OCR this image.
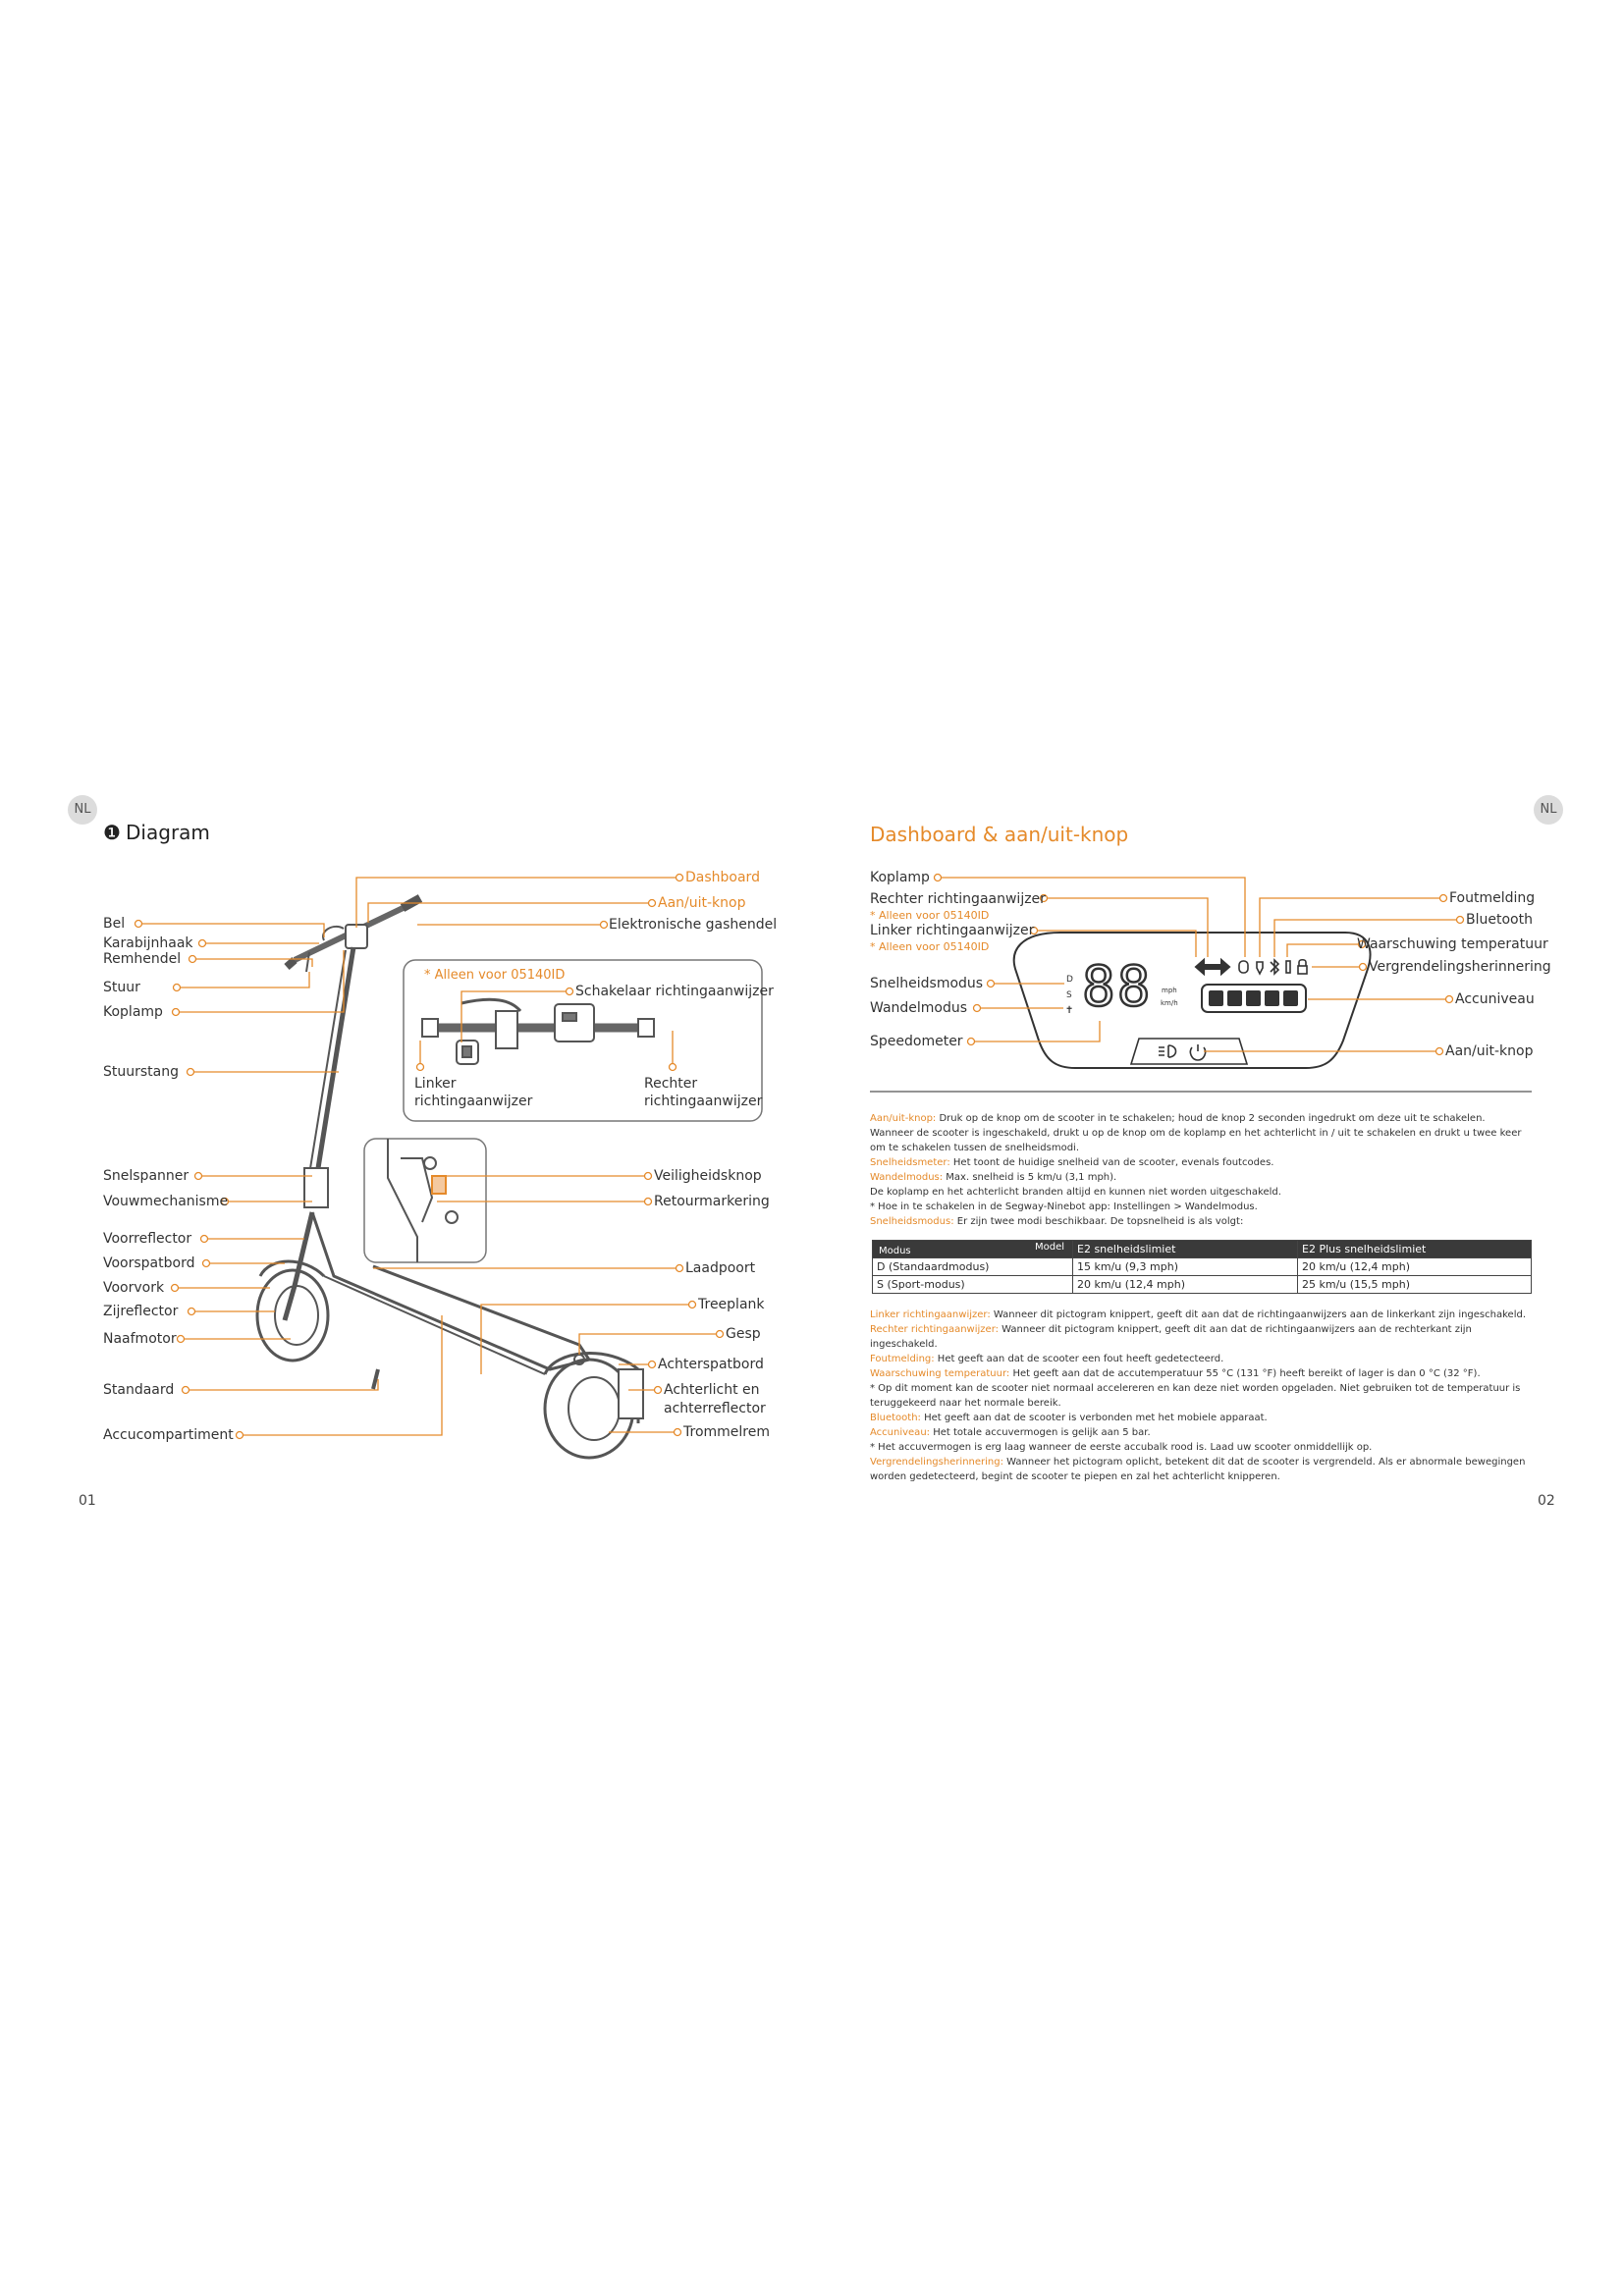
NL
❶ Diagram
Bel
Karabijnhaak
Remhendel
Stuur
Koplamp
Stuurstang
Snelspanner
Vouwmechanisme
Voorreflector
Voorspatbord
Voorvork
Zijreflector
Naafmotor
Standaard
Accucompartiment
Dashboard
Aan/uit-knop
Elektronische gashendel
Veiligheidsknop
Retourmarkering
Laadpoort
Treeplank
Gesp
Achterspatbord
Achterlicht en
achterreflector
Trommelrem
* Alleen voor 05140ID
Schakelaar richtingaanwijzer
Linker
richtingaanwijzer
Rechter
richtingaanwijzer
01
NL
Dashboard & aan/uit-knop
D
S
✝ 88 mph
km/h
Koplamp
Rechter richtingaanwijzer
* Alleen voor 05140ID
Linker richtingaanwijzer
* Alleen voor 05140ID
Snelheidsmodus
Wandelmodus
Speedometer
Foutmelding
Bluetooth
Waarschuwing temperatuur
Vergrendelingsherinnering
Accuniveau
Aan/uit-knop
Aan/uit-knop: Druk op de knop om de scooter in te schakelen; houd de knop 2 seconden ingedrukt om deze uit te schakelen. Wanneer de scooter is ingeschakeld, drukt u op de knop om de koplamp en het achterlicht in / uit te schakelen en drukt u twee keer om te schakelen tussen de snelheidsmodi.
Snelheidsmeter: Het toont de huidige snelheid van de scooter, evenals foutcodes.
Wandelmodus: Max. snelheid is 5 km/u (3,1 mph).
De koplamp en het achterlicht branden altijd en kunnen niet worden uitgeschakeld.
* Hoe in te schakelen in de Segway-Ninebot app: Instellingen > Wandelmodus.
Snelheidsmodus: Er zijn twee modi beschikbaar. De topsnelheid is als volgt:
Modus Model	E2 snelheidslimiet	E2 Plus snelheidslimiet
D (Standaardmodus)	15 km/u (9,3 mph)	20 km/u (12,4 mph)
S (Sport-modus)	20 km/u (12,4 mph)	25 km/u (15,5 mph)
Linker richtingaanwijzer: Wanneer dit pictogram knippert, geeft dit aan dat de richtingaanwijzers aan de linkerkant zijn ingeschakeld.
Rechter richtingaanwijzer: Wanneer dit pictogram knippert, geeft dit aan dat de richtingaanwijzers aan de rechterkant zijn ingeschakeld.
Foutmelding: Het geeft aan dat de scooter een fout heeft gedetecteerd.
Waarschuwing temperatuur: Het geeft aan dat de accutemperatuur 55 °C (131 °F) heeft bereikt of lager is dan 0 °C (32 °F).
* Op dit moment kan de scooter niet normaal accelereren en kan deze niet worden opgeladen. Niet gebruiken tot de temperatuur is teruggekeerd naar het normale bereik.
Bluetooth: Het geeft aan dat de scooter is verbonden met het mobiele apparaat.
Accuniveau: Het totale accuvermogen is gelijk aan 5 bar.
* Het accuvermogen is erg laag wanneer de eerste accubalk rood is. Laad uw scooter onmiddellijk op.
Vergrendelingsherinnering: Wanneer het pictogram oplicht, betekent dit dat de scooter is vergrendeld. Als er abnormale bewegingen worden gedetecteerd, begint de scooter te piepen en zal het achterlicht knipperen.
02
